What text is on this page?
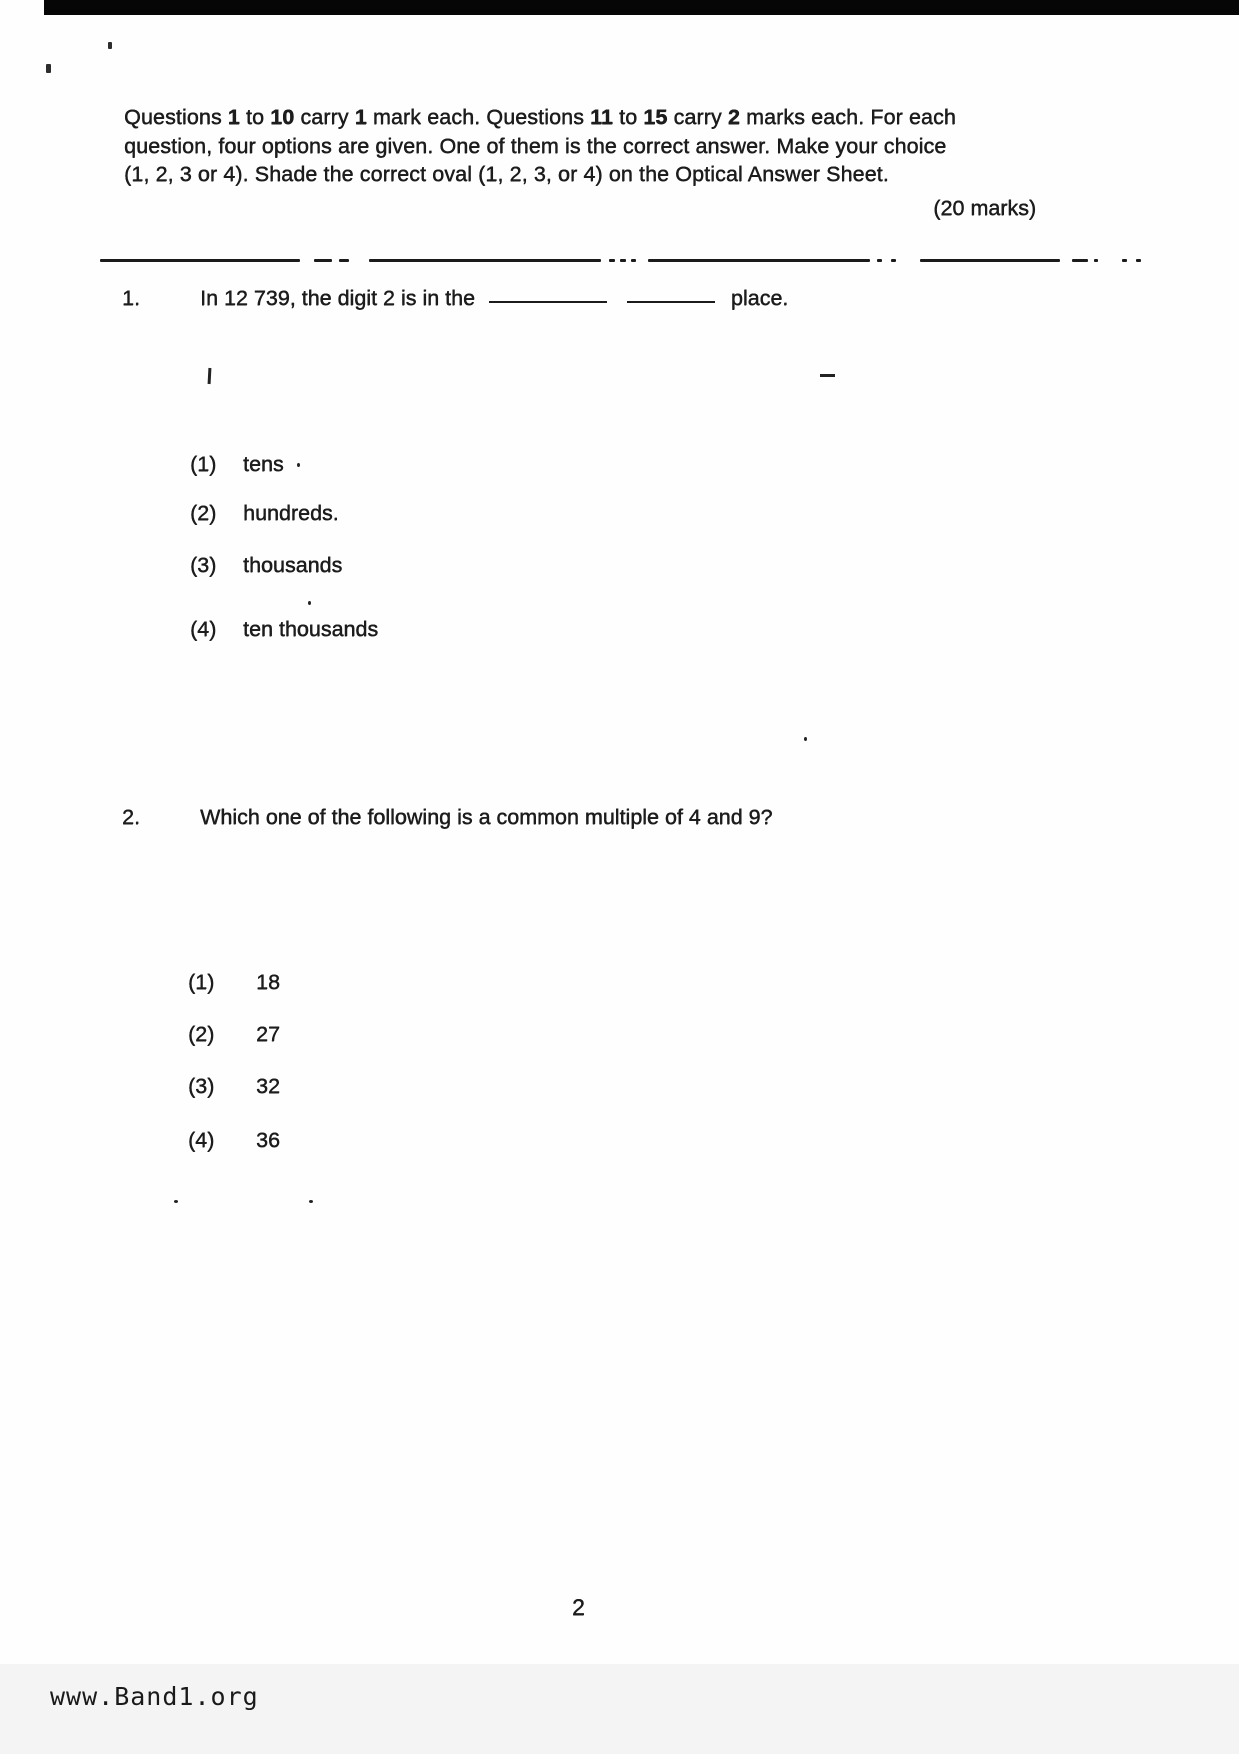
Questions 1 to 10 carry 1 mark each. Questions 11 to 15 carry 2 marks each. For each
question, four options are given. One of them is the correct answer. Make your choice
(1, 2, 3 or 4). Shade the correct oval (1, 2, 3, or 4) on the Optical Answer Sheet.
(20 marks)
1.	In 12 739, the digit 2 is in the	place.
(1) tens
(2) hundreds.
(3) thousands
(4) ten thousands
2.	Which one of the following is a common multiple of 4 and 9?
(1) 18
(2) 27
(3) 32
(4) 36
2
www.Band1.org
